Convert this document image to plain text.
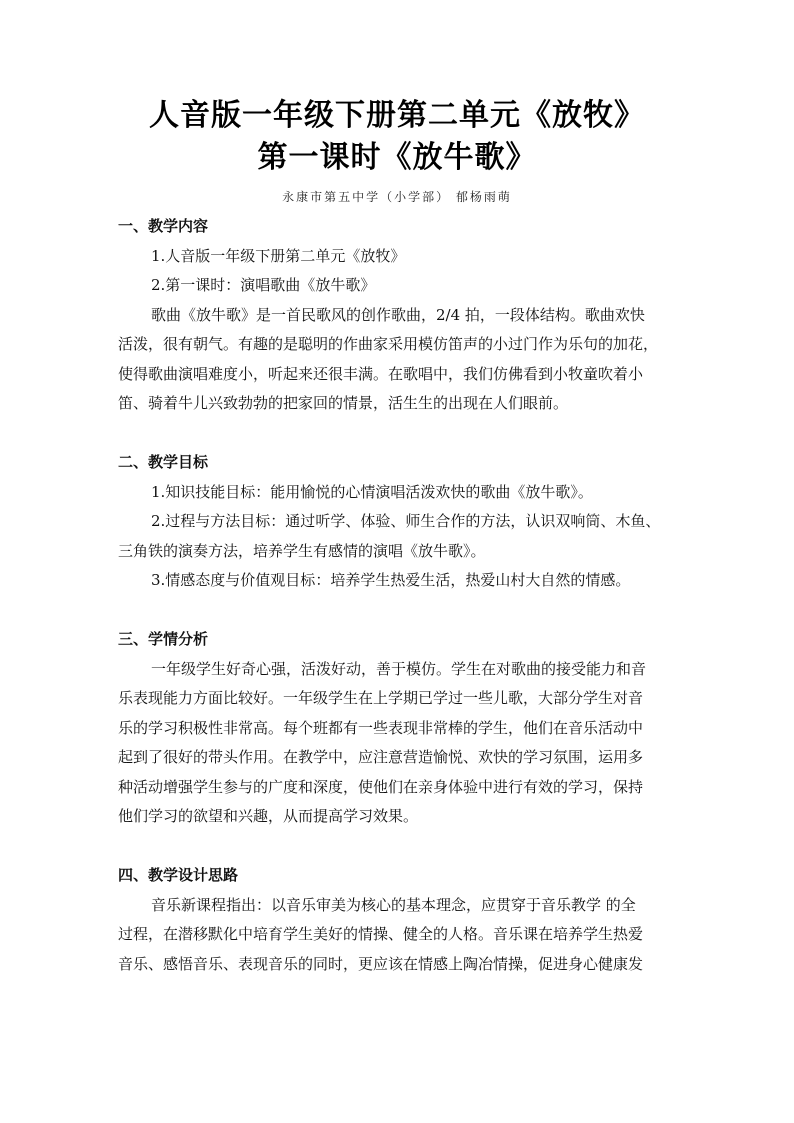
人音版一年级下册第二单元《放牧》
第一课时《放牛歌》
永康市第五中学（小学部） 郁杨雨萌

一、教学内容

1.人音版一年级下册第二单元《放牧》

2.第一课时：演唱歌曲《放牛歌》

歌曲《放牛歌》是一首民歌风的创作歌曲，2/4 拍，一段体结构。歌曲欢快

活泼，很有朝气。有趣的是聪明的作曲家采用模仿笛声的小过门作为乐句的加花，

使得歌曲演唱难度小，听起来还很丰满。在歌唱中，我们仿佛看到小牧童吹着小

笛、骑着牛儿兴致勃勃的把家回的情景，活生生的出现在人们眼前。

二、教学目标

1.知识技能目标：能用愉悦的心情演唱活泼欢快的歌曲《放牛歌》。

2.过程与方法目标：通过听学、体验、师生合作的方法，认识双响筒、木鱼、

三角铁的演奏方法，培养学生有感情的演唱《放牛歌》。

3.情感态度与价值观目标：培养学生热爱生活，热爱山村大自然的情感。

三、学情分析

一年级学生好奇心强，活泼好动，善于模仿。学生在对歌曲的接受能力和音

乐表现能力方面比较好。一年级学生在上学期已学过一些儿歌，大部分学生对音

乐的学习积极性非常高。每个班都有一些表现非常棒的学生，他们在音乐活动中

起到了很好的带头作用。在教学中，应注意营造愉悦、欢快的学习氛围，运用多

种活动增强学生参与的广度和深度，使他们在亲身体验中进行有效的学习，保持

他们学习的欲望和兴趣，从而提高学习效果。

四、教学设计思路

音乐新课程指出：以音乐审美为核心的基本理念，应贯穿于音乐教学 的全

过程，在潜移默化中培育学生美好的情操、健全的人格。音乐课在培养学生热爱

音乐、感悟音乐、表现音乐的同时，更应该在情感上陶冶情操，促进身心健康发
